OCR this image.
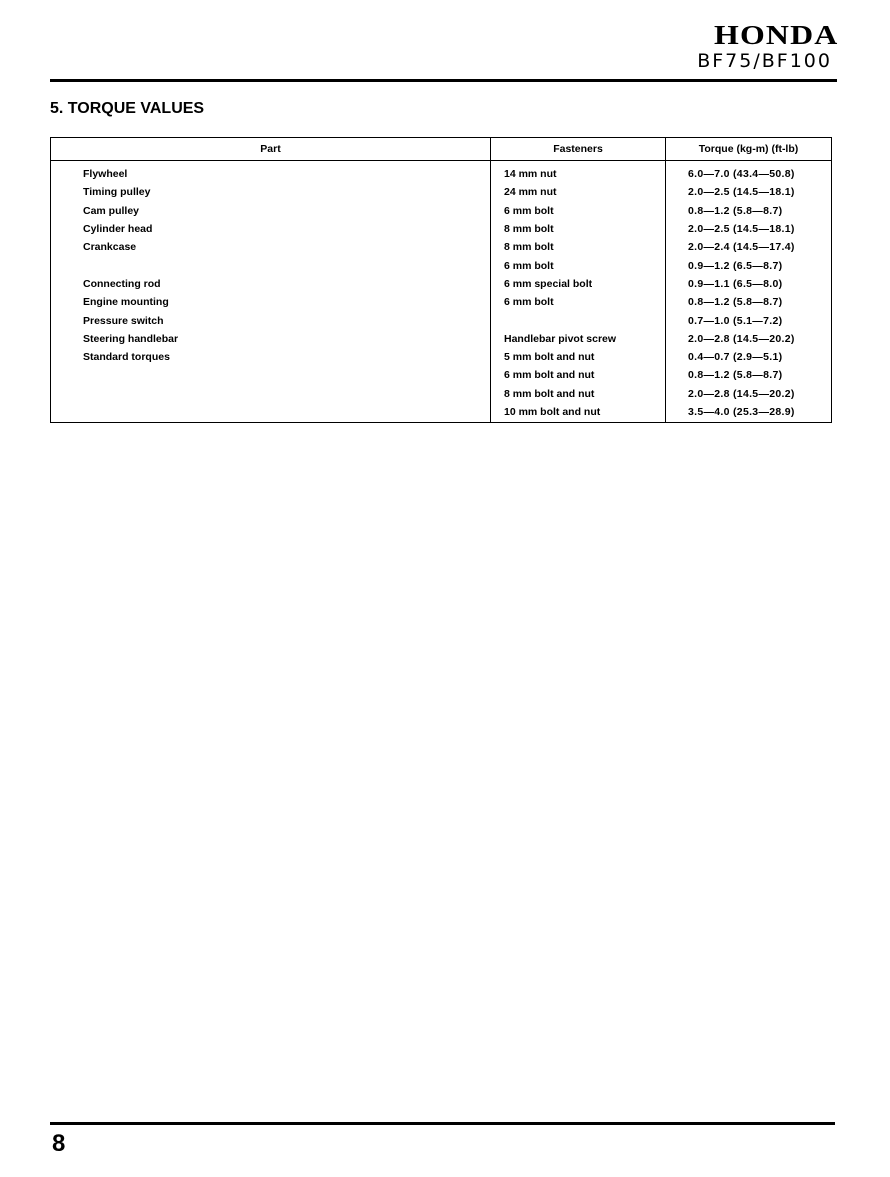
HONDA
BF75/BF100
5. TORQUE VALUES
Part	Fasteners	Torque (kg-m) (ft-lb)
Flywheel	14 mm nut	6.0—7.0 (43.4—50.8)
Timing pulley	24 mm nut	2.0—2.5 (14.5—18.1)
Cam pulley	6 mm bolt	0.8—1.2 (5.8—8.7)
Cylinder head	8 mm bolt	2.0—2.5 (14.5—18.1)
Crankcase	8 mm bolt	2.0—2.4 (14.5—17.4)
	6 mm bolt	0.9—1.2 (6.5—8.7)
Connecting rod	6 mm special bolt	0.9—1.1 (6.5—8.0)
Engine mounting	6 mm bolt	0.8—1.2 (5.8—8.7)
Pressure switch		0.7—1.0 (5.1—7.2)
Steering handlebar	Handlebar pivot screw	2.0—2.8 (14.5—20.2)
Standard torques	5 mm bolt and nut	0.4—0.7 (2.9—5.1)
	6 mm bolt and nut	0.8—1.2 (5.8—8.7)
	8 mm bolt and nut	2.0—2.8 (14.5—20.2)
	10 mm bolt and nut	3.5—4.0 (25.3—28.9)
8
